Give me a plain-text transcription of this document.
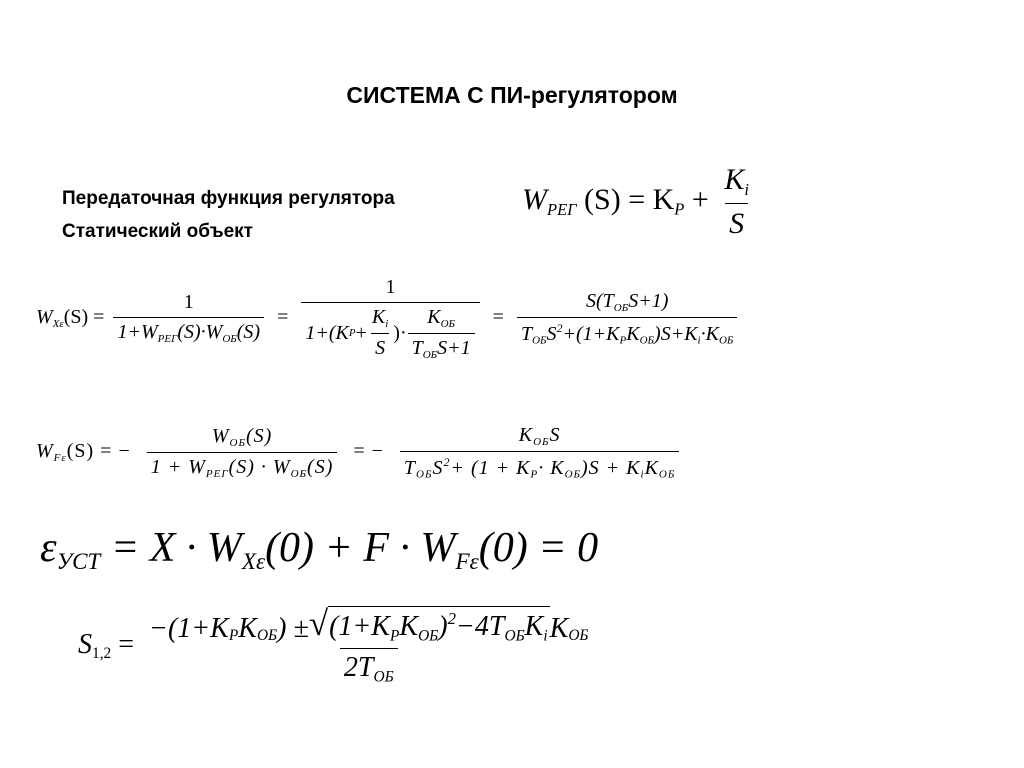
СИСТЕМА С ПИ-регулятором
Передаточная функция регулятора
Статический объект
$W_{РЕГ}$ $(S) = K_P + \frac{K_i}{S}$
$W_{X\varepsilon}(S) = \frac{1}{1+W_{РЕГ}(S)\cdot W_{ОБ}(S)}$ =
1
1+(K $P + \frac{K_i}{S}$ )· $\frac{K_{ОБ}}{T_{ОБ}S+1} = \frac{S(T_{ОБ}S+1)}{T_{ОБ}S^2+(1+K_PK_{ОБ})S+K_i\cdot K_{ОБ}}$
$W_{F\varepsilon}(S)$ = − $\frac{W_{ОБ}(S)}{1 + W_{РЕГ}(S) \cdot W_{ОБ}(S)}$ = − $\frac{K_{ОБ}S}{T_{ОБ}S^2+ (1 + K_P\cdot K_{ОБ})S + K_iK_{ОБ}}$
$\varepsilon_{УСТ} = X \cdot W_{X\varepsilon}(0) + F \cdot W_{F\varepsilon}(0) = 0$
$S_{1,2} = -(1+K_P$ $K_{ОБ}$ ) ± √ $(1+K_PK_{ОБ})^2-4T_{ОБ}K_i$ $K_{ОБ}$
$2T_{ОБ}$
